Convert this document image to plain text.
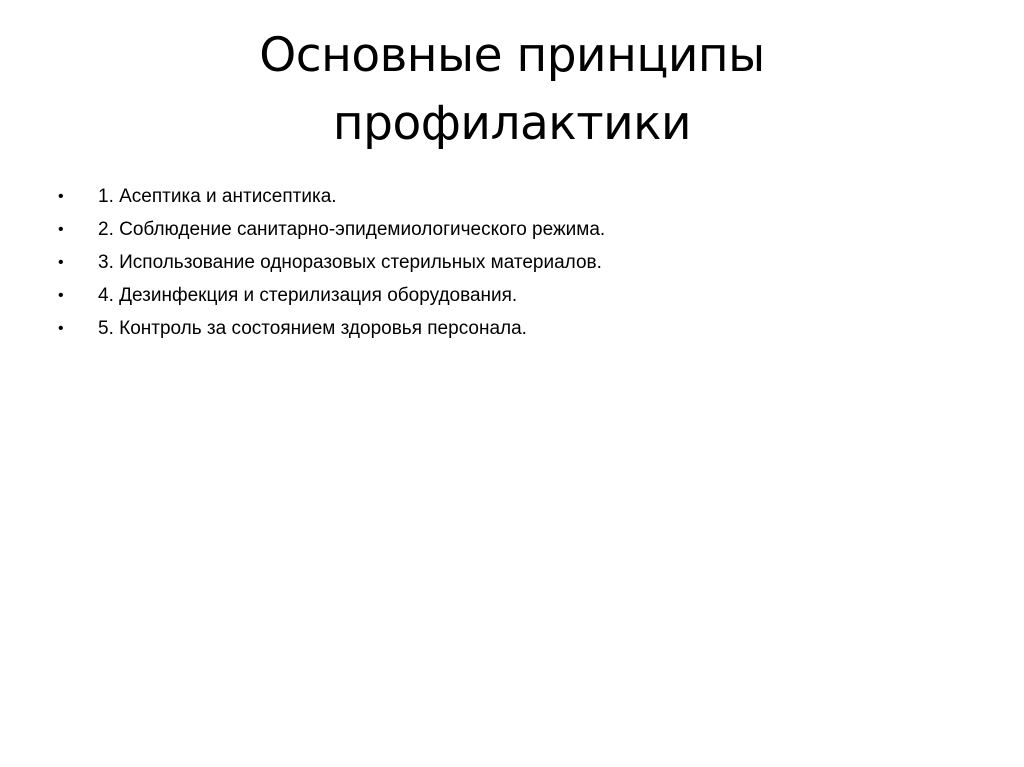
Основные принципы
профилактики
•	1. Асептика и антисептика.
•	2. Соблюдение санитарно-эпидемиологического режима.
•	3. Использование одноразовых стерильных материалов.
•	4. Дезинфекция и стерилизация оборудования.
•	5. Контроль за состоянием здоровья персонала.
